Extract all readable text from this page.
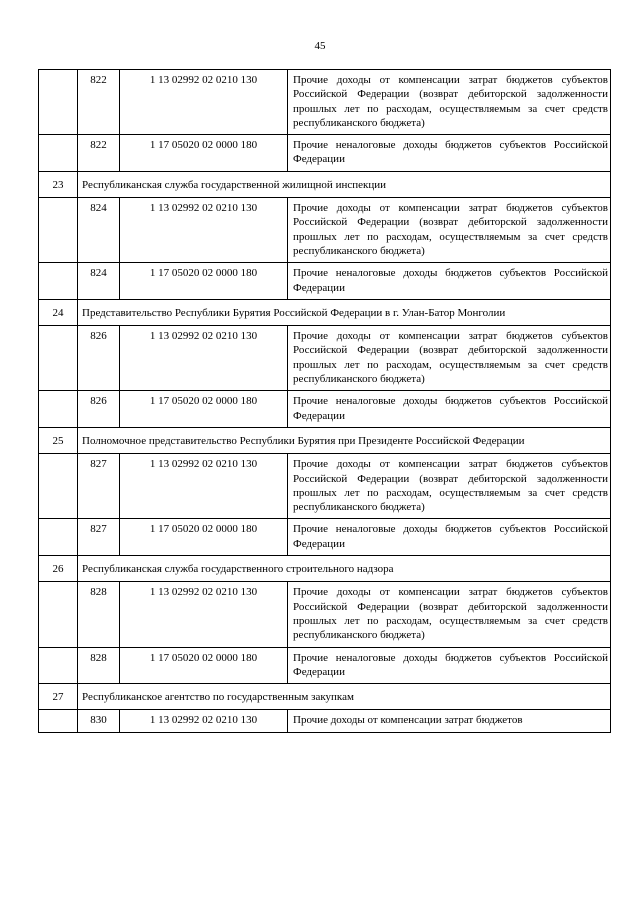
45
	822	1 13 02992 02 0210 130	Прочие доходы от компенсации затрат бюджетов субъектов Российской Федерации (возврат дебиторской задолженности прошлых лет по расходам, осуществляемым за счет средств республиканского бюджета)
	822	1 17 05020 02 0000 180	Прочие неналоговые доходы бюджетов субъектов Российской Федерации
23	Республиканская служба государственной жилищной инспекции		
	824	1 13 02992 02 0210 130	Прочие доходы от компенсации затрат бюджетов субъектов Российской Федерации (возврат дебиторской задолженности прошлых лет по расходам, осуществляемым за счет средств республиканского бюджета)
	824	1 17 05020 02 0000 180	Прочие неналоговые доходы бюджетов субъектов Российской Федерации
24	Представительство Республики Бурятия Российской Федерации в г. Улан-Батор Монголии		
	826	1 13 02992 02 0210 130	Прочие доходы от компенсации затрат бюджетов субъектов Российской Федерации (возврат дебиторской задолженности прошлых лет по расходам, осуществляемым за счет средств республиканского бюджета)
	826	1 17 05020 02 0000 180	Прочие неналоговые доходы бюджетов субъектов Российской Федерации
25	Полномочное представительство Республики Бурятия при Президенте Российской Федерации		
	827	1 13 02992 02 0210 130	Прочие доходы от компенсации затрат бюджетов субъектов Российской Федерации (возврат дебиторской задолженности прошлых лет по расходам, осуществляемым за счет средств республиканского бюджета)
	827	1 17 05020 02 0000 180	Прочие неналоговые доходы бюджетов субъектов Российской Федерации
26	Республиканская служба государственного строительного надзора		
	828	1 13 02992 02 0210 130	Прочие доходы от компенсации затрат бюджетов субъектов Российской Федерации (возврат дебиторской задолженности прошлых лет по расходам, осуществляемым за счет средств республиканского бюджета)
	828	1 17 05020 02 0000 180	Прочие неналоговые доходы бюджетов субъектов Российской Федерации
27	Республиканское агентство по государственным закупкам		
	830	1 13 02992 02 0210 130	Прочие доходы от компенсации затрат бюджетов
